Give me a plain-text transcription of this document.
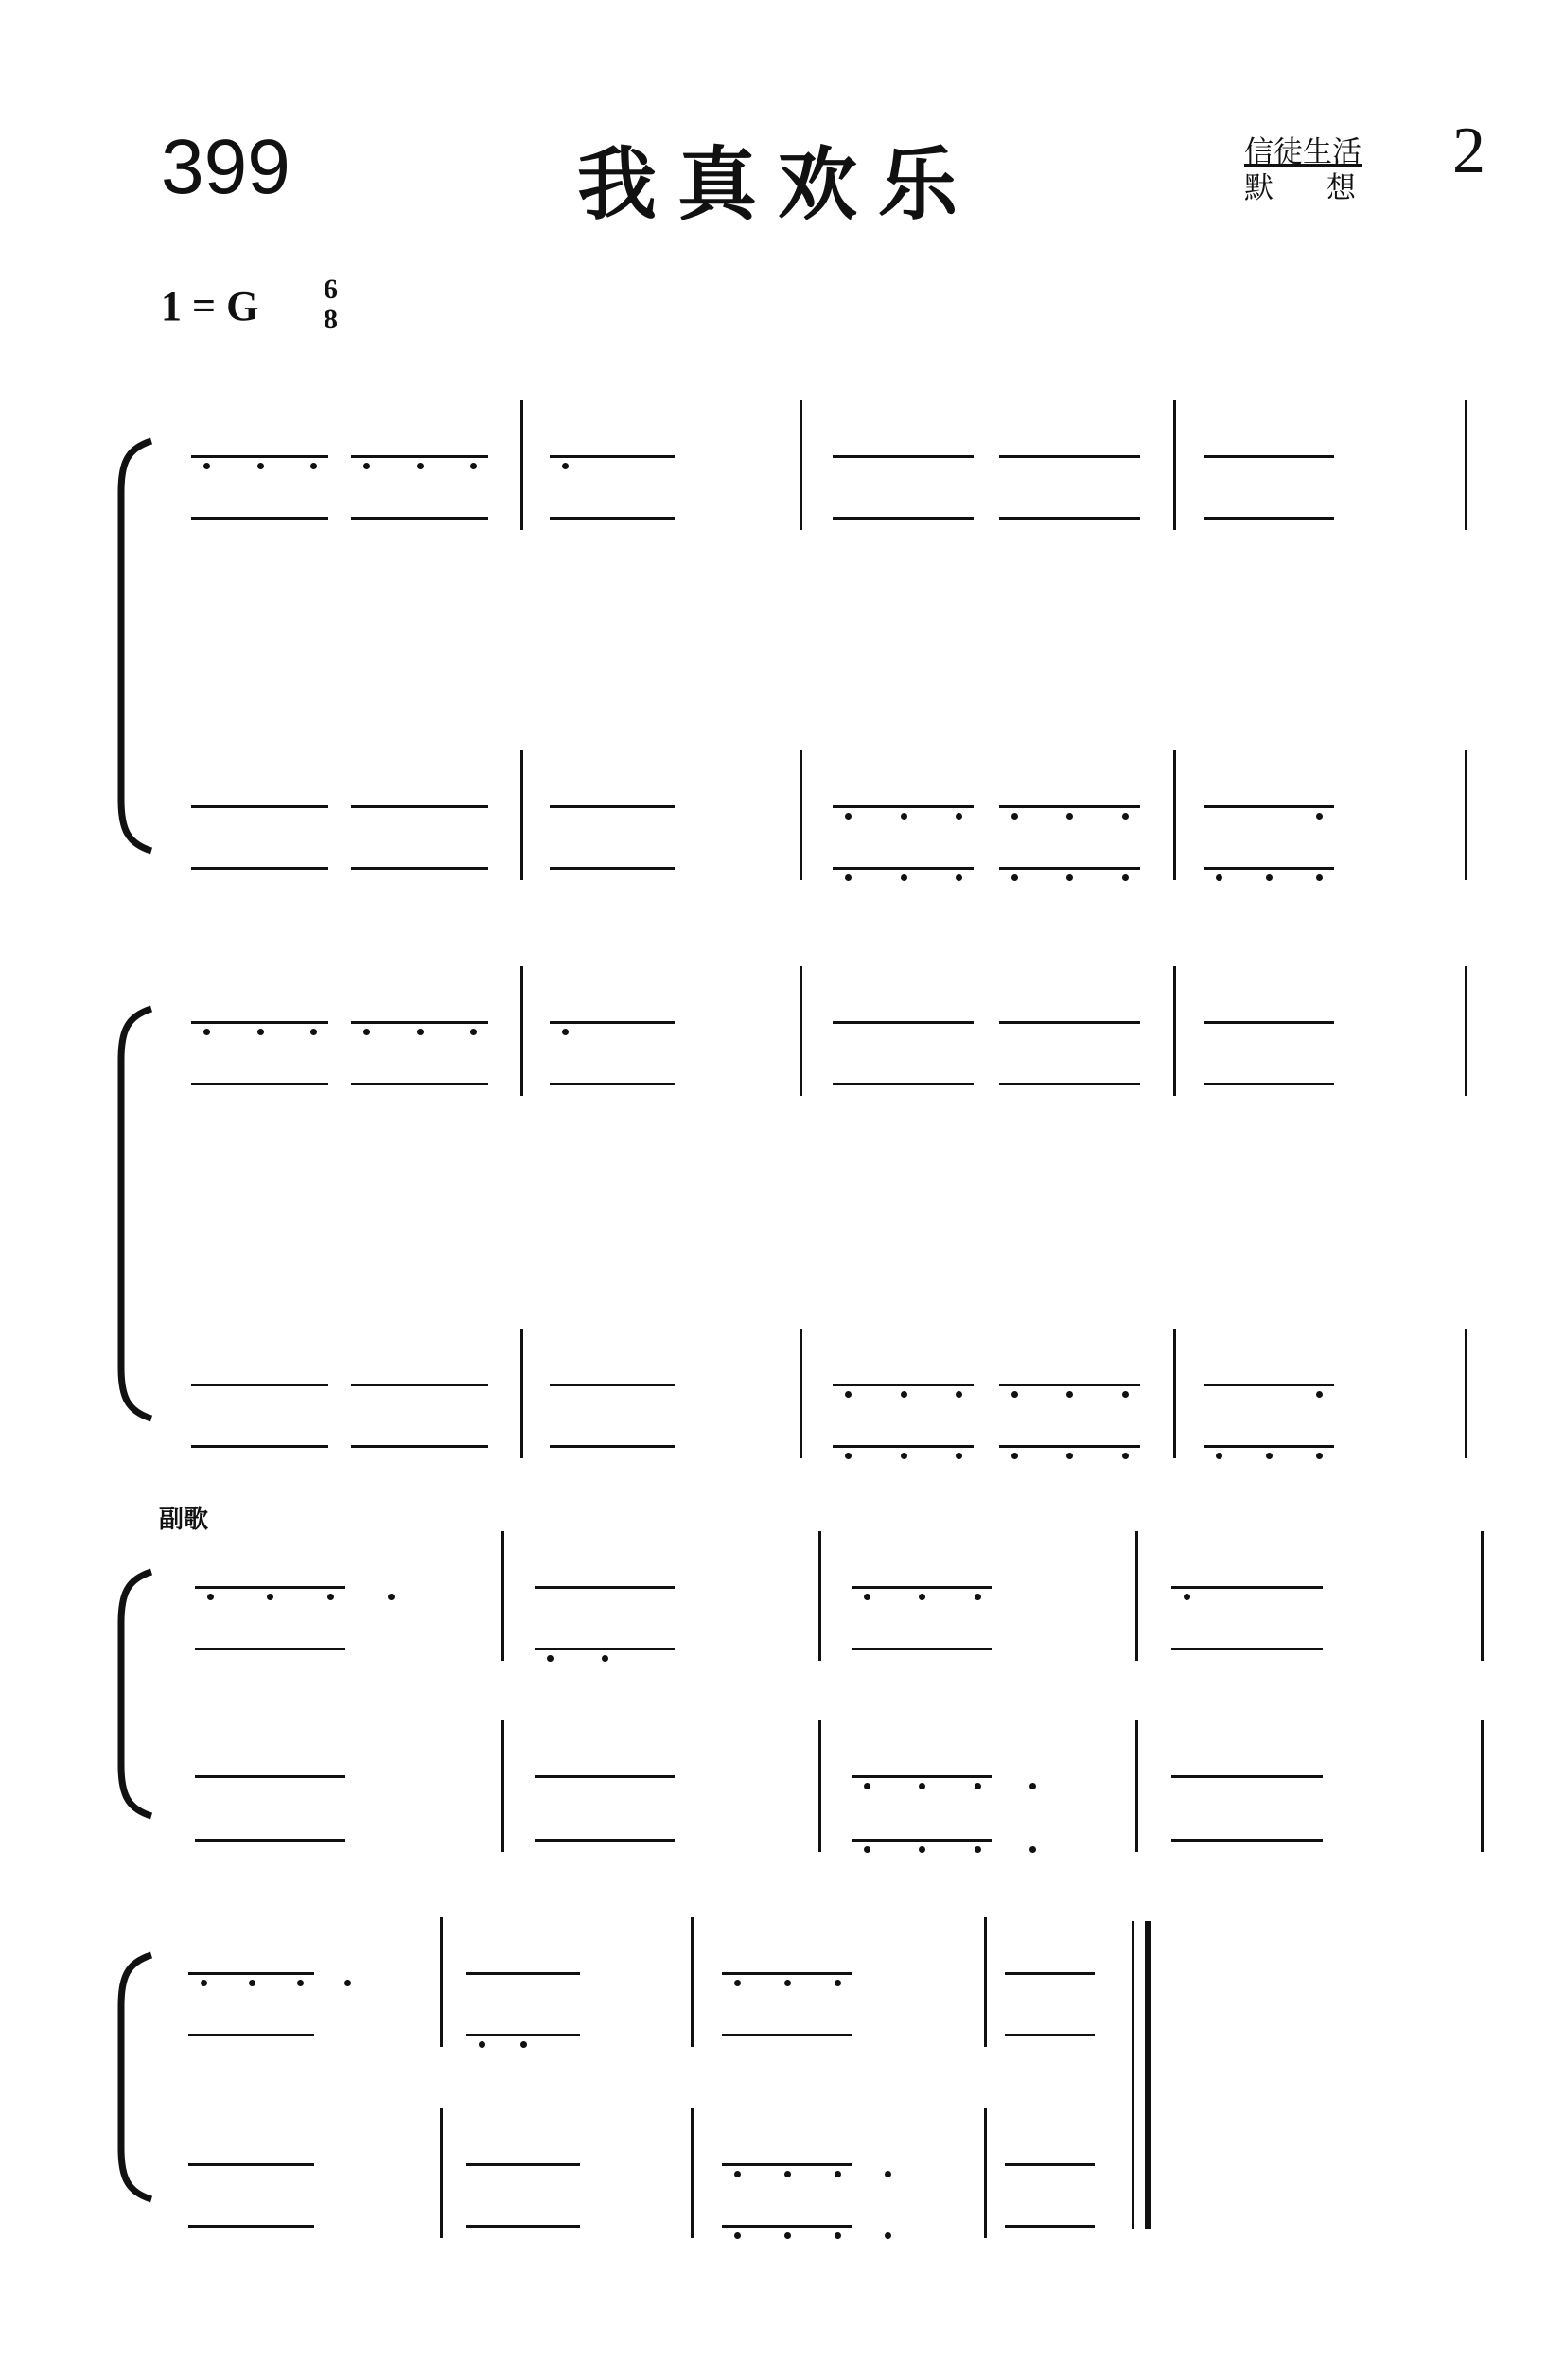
399	我真欢乐	信徒生活
默想
2
1 = G 6
8
副歌
